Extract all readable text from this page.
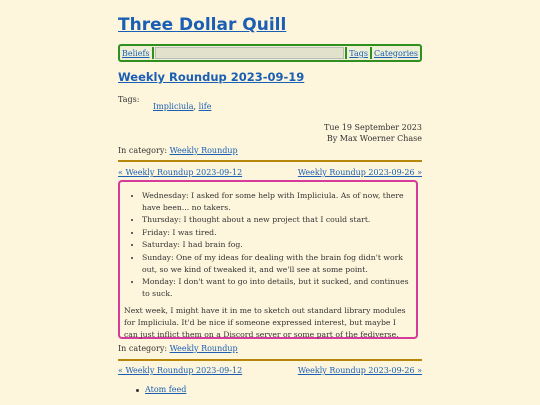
Three Dollar Quill
Beliefs	Tags Categories
Weekly Roundup 2023-09-19
Tags:
Impliciula, life
Tue 19 September 2023
By Max Woerner Chase
In category: Weekly Roundup
« Weekly Roundup 2023-09-12	Weekly Roundup 2023-09-26 »
• Wednesday: I asked for some help with Impliciula. As of now, there have been... no takers.
• Thursday: I thought about a new project that I could start.
• Friday: I was tired.
• Saturday: I had brain fog.
• Sunday: One of my ideas for dealing with the brain fog didn't work out, so we kind of tweaked it, and we'll see at some point.
• Monday: I don't want to go into details, but it sucked, and continues to suck.

Next week, I might have it in me to sketch out standard library modules for Impliciula. It'd be nice if someone expressed interest, but maybe I can just inflict them on a Discord server or some part of the fediverse.

In category: Weekly Roundup
« Weekly Roundup 2023-09-12	Weekly Roundup 2023-09-26 »
Atom feed
